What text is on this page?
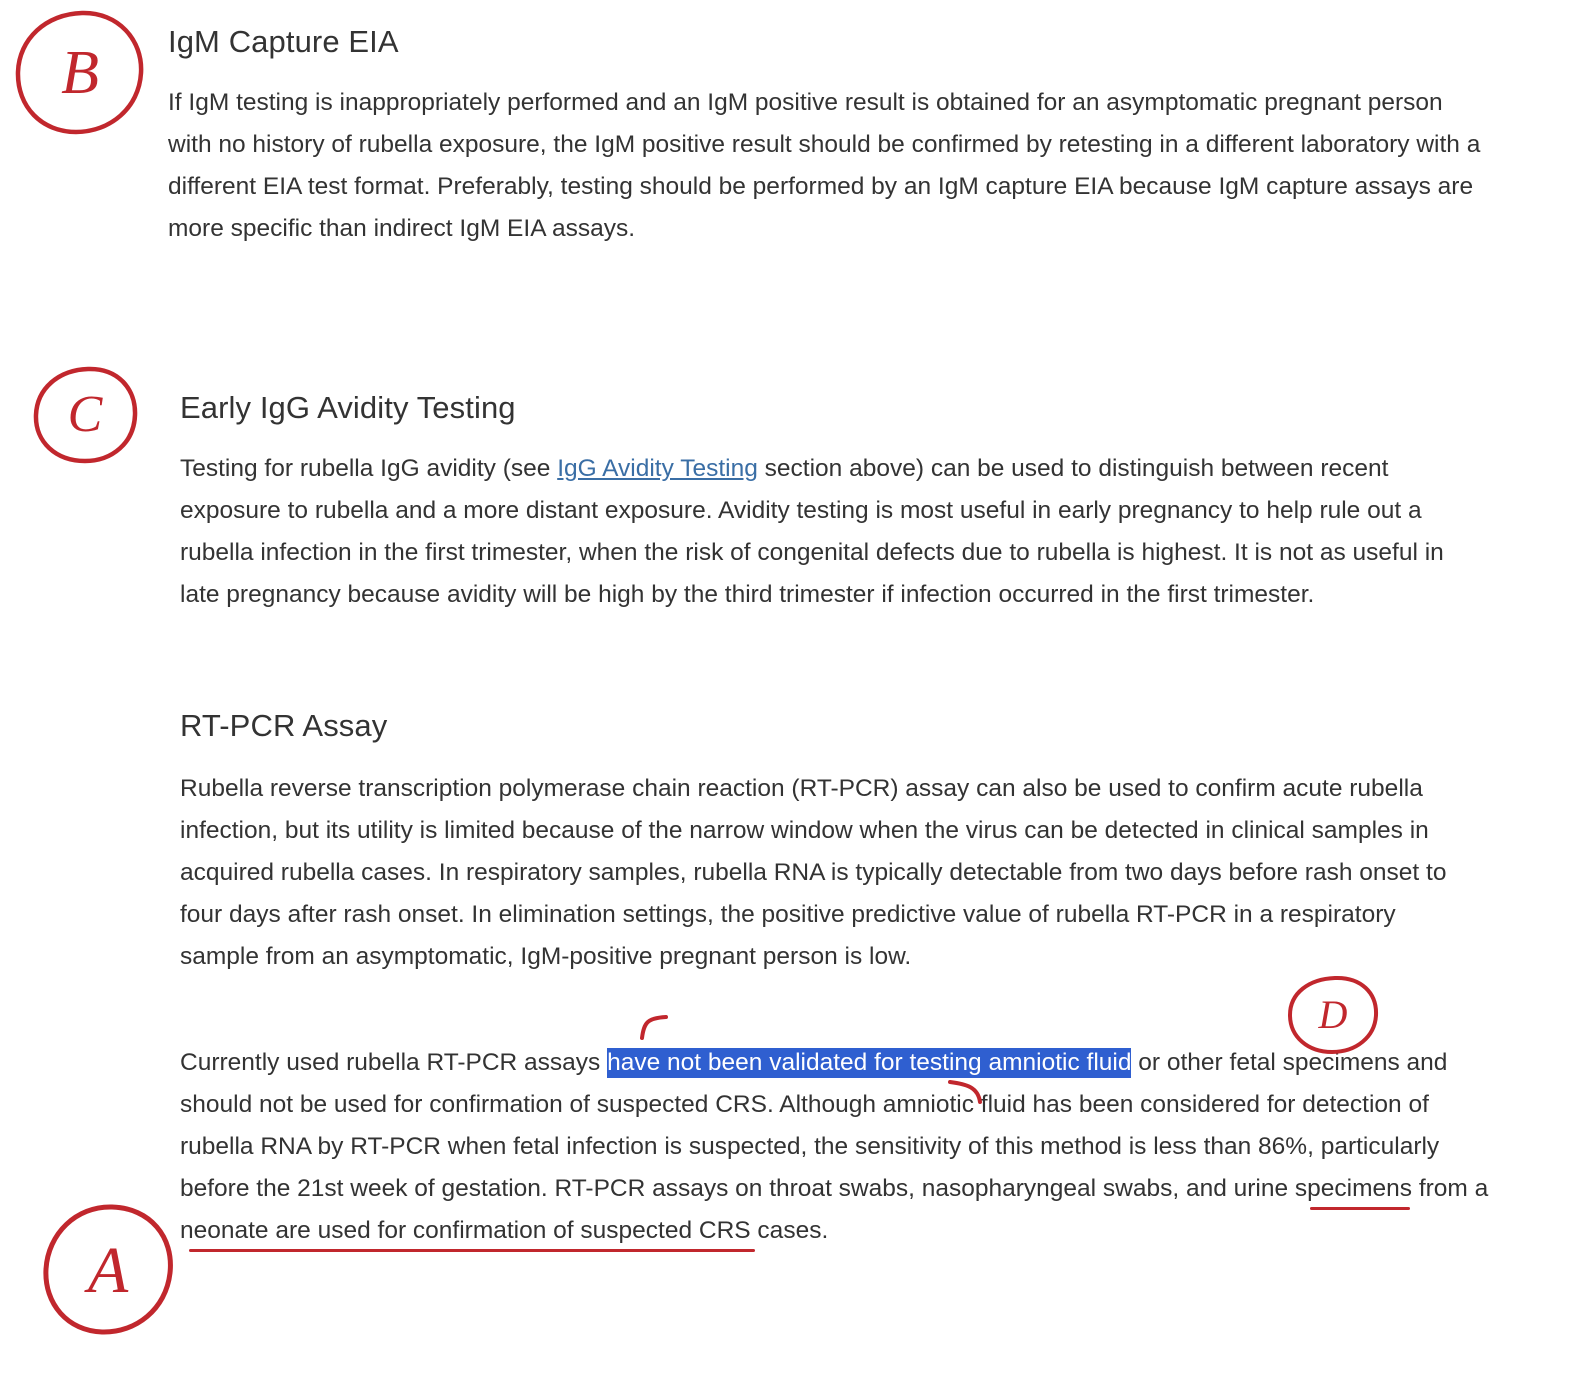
IgM Capture EIA

If IgM testing is inappropriately performed and an IgM positive result is obtained for an asymptomatic pregnant person with no history of rubella exposure, the IgM positive result should be confirmed by retesting in a different laboratory with a different EIA test format. Preferably, testing should be performed by an IgM capture EIA because IgM capture assays are more specific than indirect IgM EIA assays.

Early IgG Avidity Testing

Testing for rubella IgG avidity (see IgG Avidity Testing section above) can be used to distinguish between recent exposure to rubella and a more distant exposure. Avidity testing is most useful in early pregnancy to help rule out a rubella infection in the first trimester, when the risk of congenital defects due to rubella is highest. It is not as useful in late pregnancy because avidity will be high by the third trimester if infection occurred in the first trimester.

RT-PCR Assay

Rubella reverse transcription polymerase chain reaction (RT-PCR) assay can also be used to confirm acute rubella infection, but its utility is limited because of the narrow window when the virus can be detected in clinical samples in acquired rubella cases. In respiratory samples, rubella RNA is typically detectable from two days before rash onset to four days after rash onset. In elimination settings, the positive predictive value of rubella RT-PCR in a respiratory sample from an asymptomatic, IgM-positive pregnant person is low.

Currently used rubella RT-PCR assays have not been validated for testing amniotic fluid or other fetal specimens and should not be used for confirmation of suspected CRS. Although amniotic fluid has been considered for detection of rubella RNA by RT-PCR when fetal infection is suspected, the sensitivity of this method is less than 86%, particularly before the 21st week of gestation. RT-PCR assays on throat swabs, nasopharyngeal swabs, and urine specimens from a neonate are used for confirmation of suspected CRS cases.

B
C
D
A
